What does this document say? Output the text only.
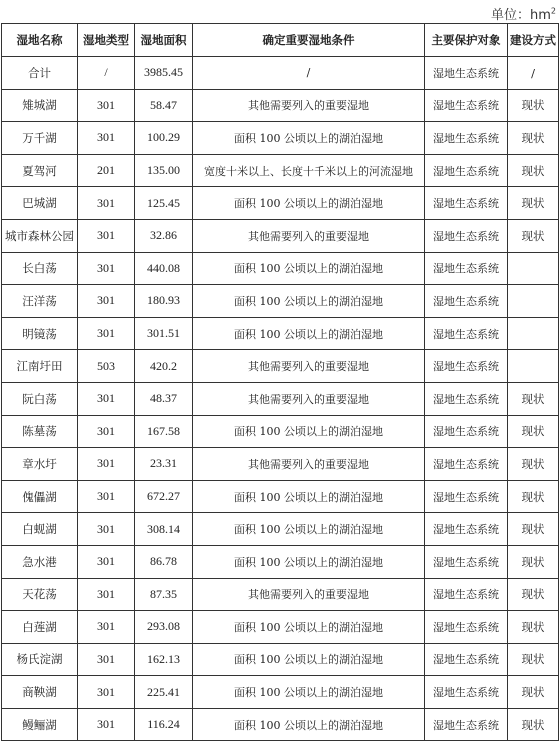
单位：$hm^2$
湿地名称	湿地类型	湿地面积	确定重要湿地条件	主要保护对象	建设方式
合计	/	3985.45	/	湿地生态系统	/
雉城湖	301	58.47	其他需要列入的重要湿地	湿地生态系统	现状
万千湖	301	100.29	面积 100 公顷以上的湖泊湿地	湿地生态系统	现状
夏驾河	201	135.00	宽度十米以上、长度十千米以上的河流湿地	湿地生态系统	现状
巴城湖	301	125.45	面积 100 公顷以上的湖泊湿地	湿地生态系统	现状
城市森林公园	301	32.86	其他需要列入的重要湿地	湿地生态系统	现状
长白荡	301	440.08	面积 100 公顷以上的湖泊湿地	湿地生态系统	
汪洋荡	301	180.93	面积 100 公顷以上的湖泊湿地	湿地生态系统	
明镜荡	301	301.51	面积 100 公顷以上的湖泊湿地	湿地生态系统	
江南圩田	503	420.2	其他需要列入的重要湿地	湿地生态系统	
阮白荡	301	48.37	其他需要列入的重要湿地	湿地生态系统	现状
陈墓荡	301	167.58	面积 100 公顷以上的湖泊湿地	湿地生态系统	现状
章水圩	301	23.31	其他需要列入的重要湿地	湿地生态系统	现状
傀儡湖	301	672.27	面积 100 公顷以上的湖泊湿地	湿地生态系统	现状
白蚬湖	301	308.14	面积 100 公顷以上的湖泊湿地	湿地生态系统	现状
急水港	301	86.78	面积 100 公顷以上的湖泊湿地	湿地生态系统	现状
天花荡	301	87.35	其他需要列入的重要湿地	湿地生态系统	现状
白莲湖	301	293.08	面积 100 公顷以上的湖泊湿地	湿地生态系统	现状
杨氏淀湖	301	162.13	面积 100 公顷以上的湖泊湿地	湿地生态系统	现状
商鞅湖	301	225.41	面积 100 公顷以上的湖泊湿地	湿地生态系统	现状
鳗鲡湖	301	116.24	面积 100 公顷以上的湖泊湿地	湿地生态系统	现状
